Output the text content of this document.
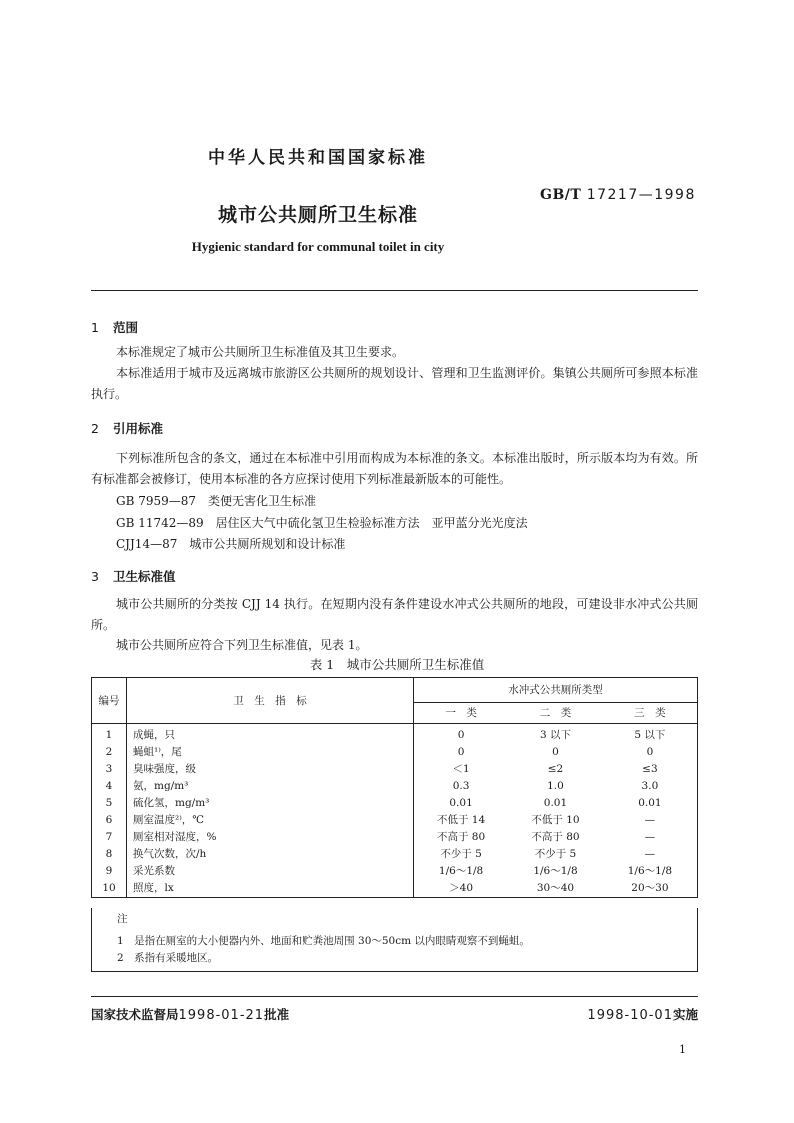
中华人民共和国国家标准
GB/T 17217—1998
城市公共厕所卫生标准
Hygienic standard for communal toilet in city
1 范围
本标准规定了城市公共厕所卫生标准值及其卫生要求。
本标准适用于城市及远离城市旅游区公共厕所的规划设计、管理和卫生监测评价。集镇公共厕所可参照本标准执行。
2 引用标准
下列标准所包含的条文，通过在本标准中引用而构成为本标准的条文。本标准出版时，所示版本均为有效。所有标准都会被修订，使用本标准的各方应探讨使用下列标准最新版本的可能性。
GB 7959—87　类便无害化卫生标准
GB 11742—89　居住区大气中硫化氢卫生检验标准方法　亚甲蓝分光光度法
CJJ14—87　城市公共厕所规划和设计标准
3 卫生标准值
城市公共厕所的分类按 CJJ 14 执行。在短期内没有条件建设水冲式公共厕所的地段，可建设非水冲式公共厕所。
城市公共厕所应符合下列卫生标准值，见表 1。
表 1　城市公共厕所卫生标准值
编号	卫　生　指　标	水冲式公共厕所类型		
		一　类	二　类	三　类
1	成蝇，只	0	3 以下	5 以下
2	蝇蛆¹⁾，尾	0	0	0
3	臭味强度，级	＜1	≤2	≤3
4	氨，mg/m³	0.3	1.0	3.0
5	硫化氢，mg/m³	0.01	0.01	0.01
6	厕室温度²⁾，℃	不低于 14	不低于 10	—
7	厕室相对湿度，%	不高于 80	不高于 80	—
8	换气次数，次/h	不少于 5	不少于 5	—
9	采光系数	1/6～1/8	1/6～1/8	1/6～1/8
10	照度，lx	＞40	30～40	20～30
注
1　是指在厕室的大小便器内外、地面和贮粪池周围 30～50cm 以内眼睛观察不到蝇蛆。
2　系指有采暖地区。
国家技术监督局1998-01-21批准	1998-10-01实施
1
